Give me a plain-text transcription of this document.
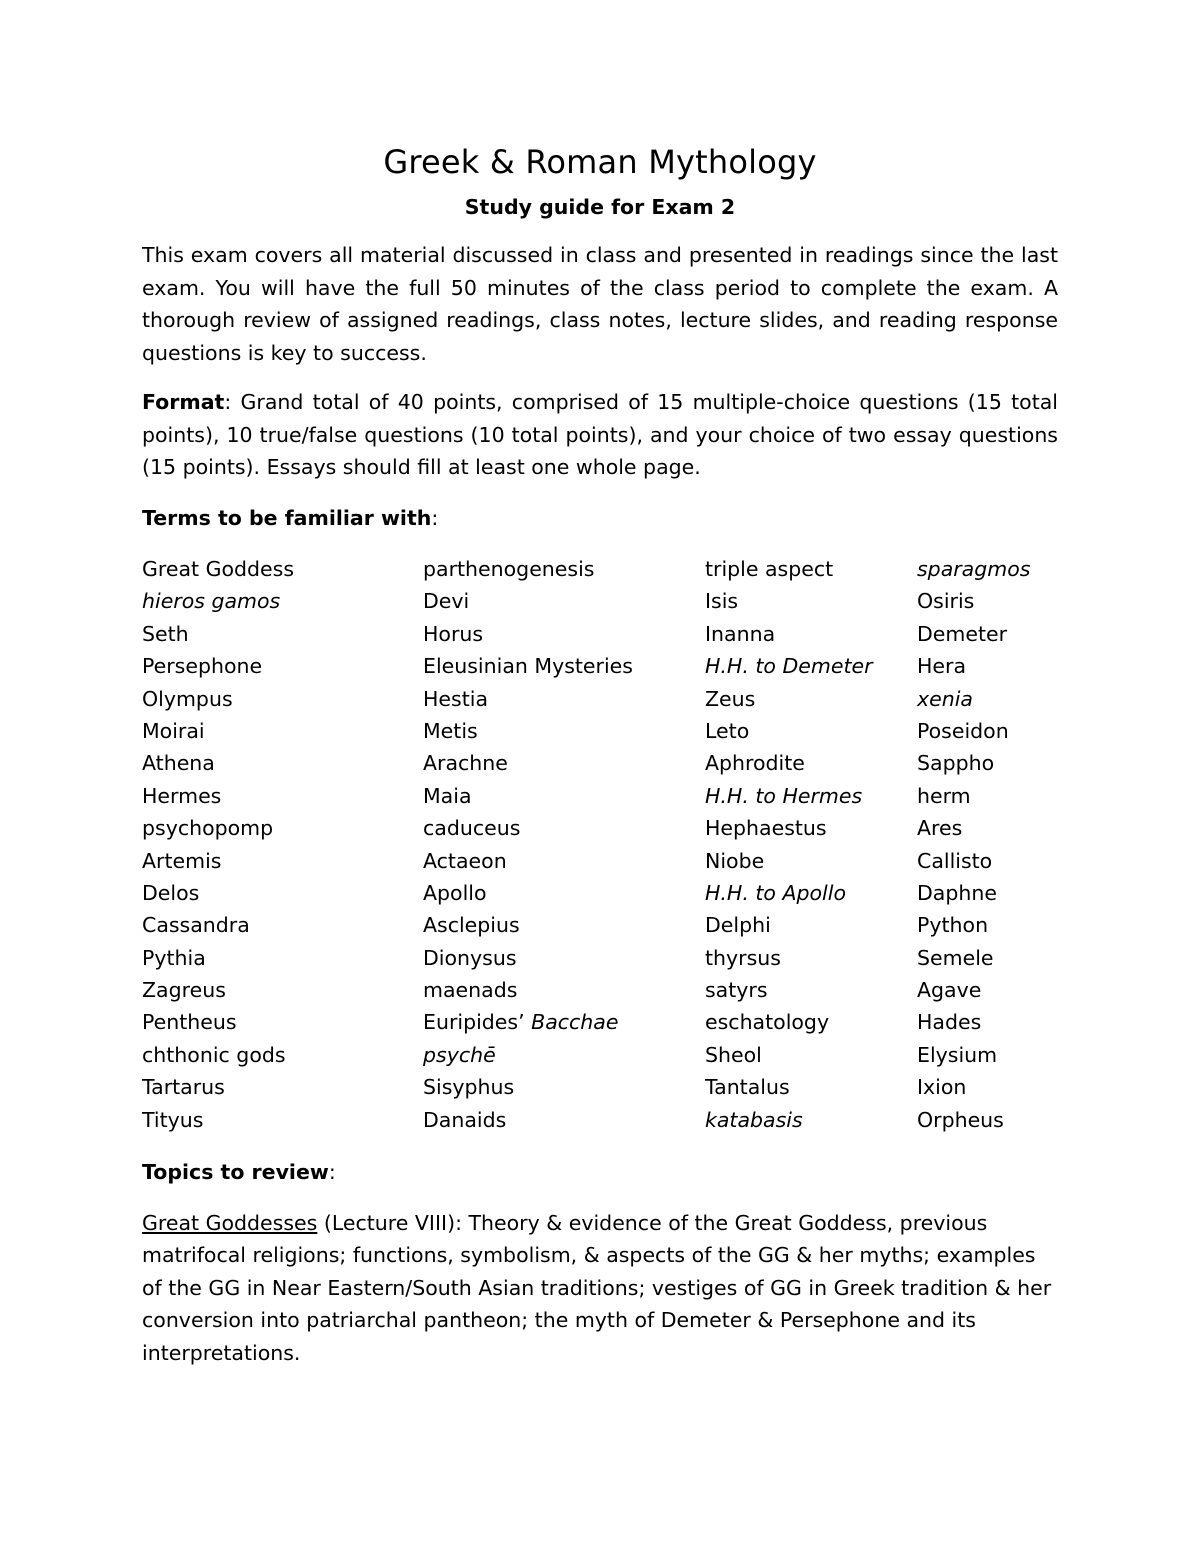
Greek & Roman Mythology

Study guide for Exam 2

This exam covers all material discussed in class and presented in readings since the last exam. You will have the full 50 minutes of the class period to complete the exam. A thorough review of assigned readings, class notes, lecture slides, and reading response questions is key to success.

Format: Grand total of 40 points, comprised of 15 multiple-choice questions (15 total points), 10 true/false questions (10 total points), and your choice of two essay questions (15 points). Essays should fill at least one whole page.

Terms to be familiar with:

Great Goddess	parthenogenesis	triple aspect	sparagmos
hieros gamos	Devi	Isis	Osiris
Seth	Horus	Inanna	Demeter
Persephone	Eleusinian Mysteries	H.H. to Demeter	Hera
Olympus	Hestia	Zeus	xenia
Moirai	Metis	Leto	Poseidon
Athena	Arachne	Aphrodite	Sappho
Hermes	Maia	H.H. to Hermes	herm
psychopomp	caduceus	Hephaestus	Ares
Artemis	Actaeon	Niobe	Callisto
Delos	Apollo	H.H. to Apollo	Daphne
Cassandra	Asclepius	Delphi	Python
Pythia	Dionysus	thyrsus	Semele
Zagreus	maenads	satyrs	Agave
Pentheus	Euripides’ Bacchae	eschatology	Hades
chthonic gods	psychē	Sheol	Elysium
Tartarus	Sisyphus	Tantalus	Ixion
Tityus	Danaids	katabasis	Orpheus

Topics to review:

Great Goddesses (Lecture VIII): Theory & evidence of the Great Goddess, previous matrifocal religions; functions, symbolism, & aspects of the GG & her myths; examples of the GG in Near Eastern/South Asian traditions; vestiges of GG in Greek tradition & her conversion into patriarchal pantheon; the myth of Demeter & Persephone and its interpretations.
